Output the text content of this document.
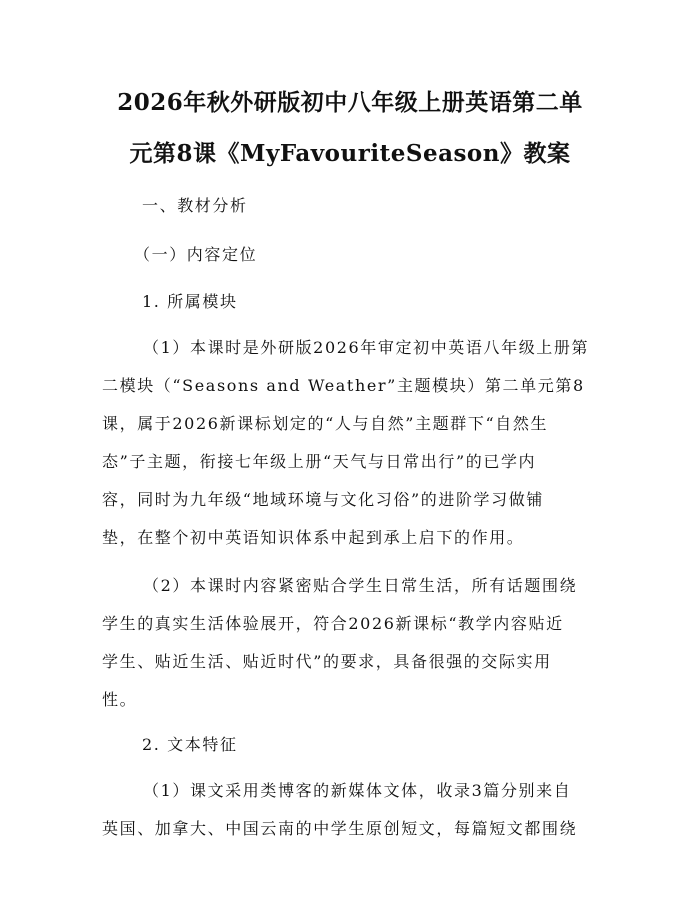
2026年秋外研版初中八年级上册英语第二单
元第8课《MyFavouriteSeason》教案

一、教材分析

（一）内容定位

1. 所属模块

（1）本课时是外研版2026年审定初中英语八年级上册第

二模块（“Seasons and Weather”主题模块）第二单元第8

课，属于2026新课标划定的“人与自然”主题群下“自然生

态”子主题，衔接七年级上册“天气与日常出行”的已学内

容，同时为九年级“地域环境与文化习俗”的进阶学习做铺

垫，在整个初中英语知识体系中起到承上启下的作用。

（2）本课时内容紧密贴合学生日常生活，所有话题围绕

学生的真实生活体验展开，符合2026新课标“教学内容贴近

学生、贴近生活、贴近时代”的要求，具备很强的交际实用

性。

2. 文本特征

（1）课文采用类博客的新媒体文体，收录3篇分别来自

英国、加拿大、中国云南的中学生原创短文，每篇短文都围绕
